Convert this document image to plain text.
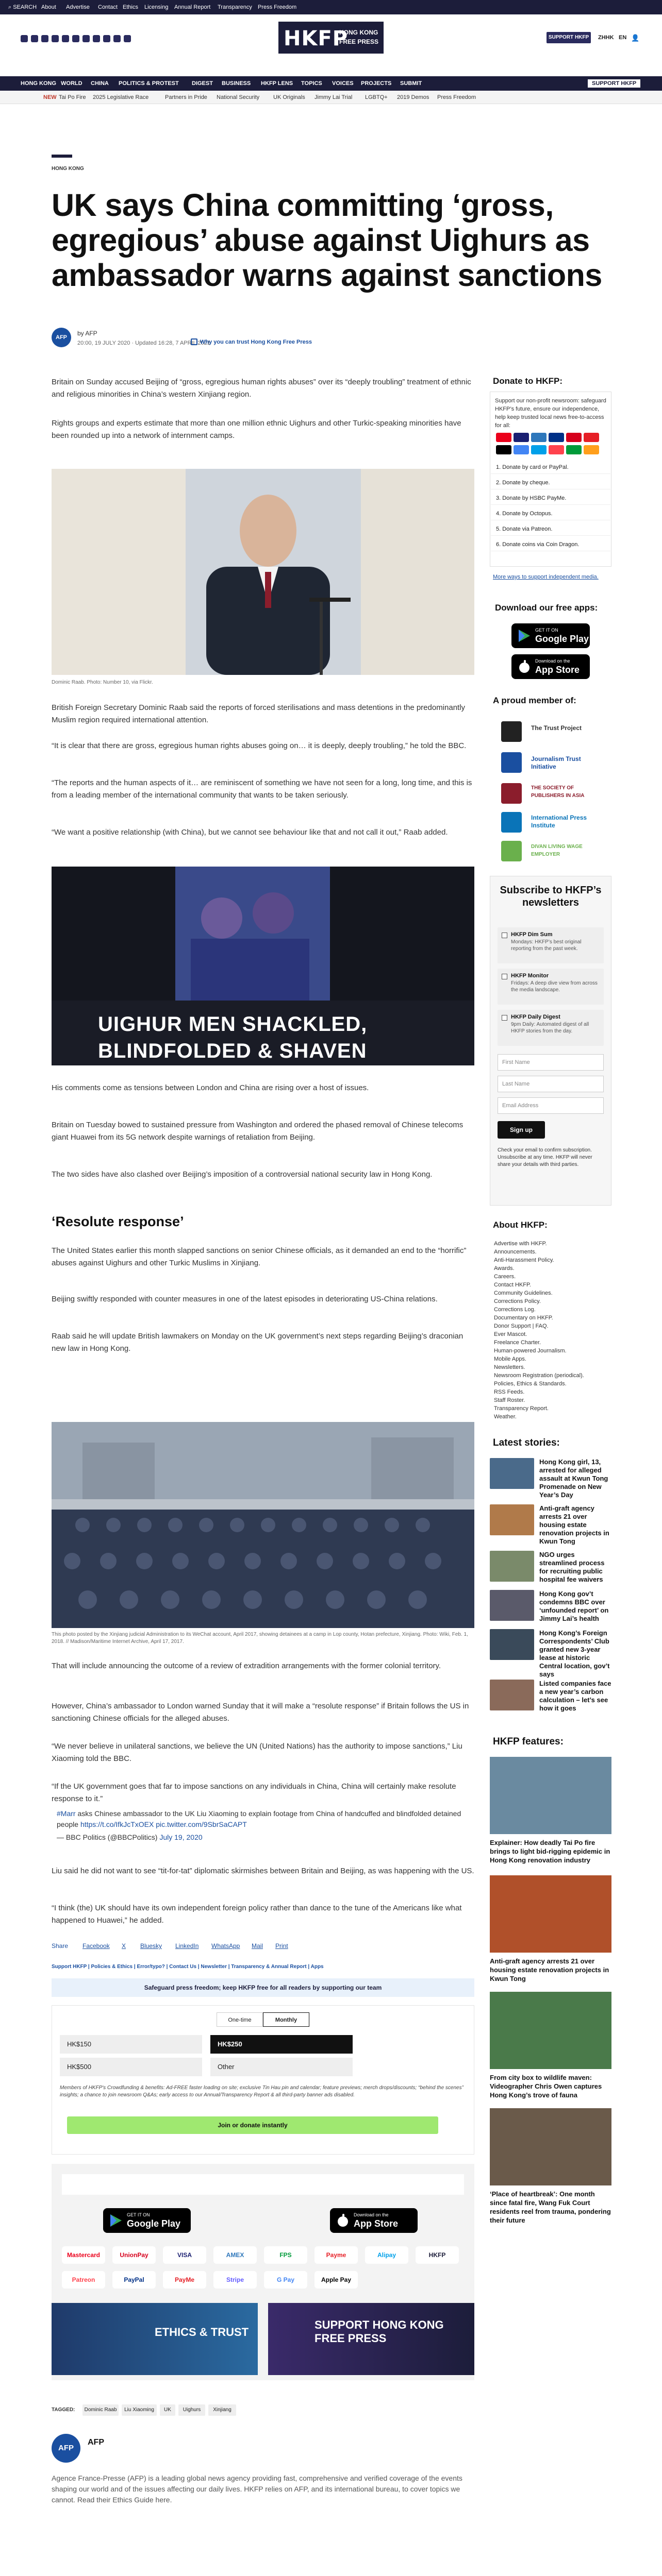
⌕ SEARCH About Advertise Contact Ethics Licensing Annual Report Transparency Press Freedom
HKFP
HONG KONG
FREE PRESS
SUPPORT HKFP	ZHHK EN 👤
HONG KONG WORLD CHINA POLITICS & PROTEST DIGEST BUSINESS HKFP LENS TOPICS VOICES PROJECTS SUBMIT	SUPPORT HKFP
NEW Tai Po Fire 2025 Legislative Race	Partners in Pride National Security UK Originals Jimmy Lai Trial LGBTQ+ 2019 Demos Press Freedom
HONG KONG
UK says China committing ‘gross, egregious’ abuse against Uighurs as ambassador warns against sanctions
AFP
by AFP
20:00, 19 JULY 2020 · Updated 16:28, 7 APRIL 2021
Why you can trust Hong Kong Free Press

Britain on Sunday accused Beijing of “gross, egregious human rights abuses” over its “deeply troubling” treatment of ethnic and religious minorities in China’s western Xinjiang region.

Rights groups and experts estimate that more than one million ethnic Uighurs and other Turkic-speaking minorities have been rounded up into a network of internment camps.

Dominic Raab. Photo: Number 10, via Flickr.

British Foreign Secretary Dominic Raab said the reports of forced sterilisations and mass detentions in the predominantly Muslim region required international attention.

“It is clear that there are gross, egregious human rights abuses going on… it is deeply, deeply troubling,” he told the BBC.

“The reports and the human aspects of it… are reminiscent of something we have not seen for a long, long time, and this is from a leading member of the international community that wants to be taken seriously.

“We want a positive relationship (with China), but we cannot see behaviour like that and not call it out,” Raab added.

UIGHUR MEN SHACKLED,
BLINDFOLDED & SHAVEN

His comments come as tensions between London and China are rising over a host of issues.

Britain on Tuesday bowed to sustained pressure from Washington and ordered the phased removal of Chinese telecoms giant Huawei from its 5G network despite warnings of retaliation from Beijing.

The two sides have also clashed over Beijing’s imposition of a controversial national security law in Hong Kong.

‘Resolute response’

The United States earlier this month slapped sanctions on senior Chinese officials, as it demanded an end to the “horrific” abuses against Uighurs and other Turkic Muslims in Xinjiang.

Beijing swiftly responded with counter measures in one of the latest episodes in deteriorating US-China relations.

Raab said he will update British lawmakers on Monday on the UK government’s next steps regarding Beijing’s draconian new law in Hong Kong.

This photo posted by the Xinjiang judicial Administration to its WeChat account, April 2017, showing detainees at a camp in Lop county, Hotan prefecture, Xinjiang. Photo: Wiki, Feb. 1, 2018. // Madison/Maritime Internet Archive, April 17, 2017.

That will include announcing the outcome of a review of extradition arrangements with the former colonial territory.

However, China’s ambassador to London warned Sunday that it will make a “resolute response” if Britain follows the US in sanctioning Chinese officials for the alleged abuses.

“We never believe in unilateral sanctions, we believe the UN (United Nations) has the authority to impose sanctions,” Liu Xiaoming told the BBC.

Donate to HKFP:
Support our non-profit newsroom: safeguard HKFP’s future, ensure our independence, help keep trusted local news free-to-access for all:
1. Donate by card or PayPal.
2. Donate by cheque.
3. Donate by HSBC PayMe.
4. Donate by Octopus.
5. Donate via Patreon.
6. Donate coins via Coin Dragon.
More ways to support independent media.
Download our free apps:
GET IT ON
Google Play
Download on the
App Store
A proud member of:
The Trust Project
Journalism Trust Initiative
THE SOCIETY OF PUBLISHERS IN ASIA
International Press Institute
DIVAN LIVING WAGE EMPLOYER
Subscribe to HKFP’s newsletters
HKFP Dim Sum
Mondays: HKFP’s best original reporting from the past week.
HKFP Monitor
Fridays: A deep dive view from across the media landscape.
HKFP Daily Digest
9pm Daily: Automated digest of all HKFP stories from the day.
First Name
Last Name
Email Address
Sign up
Check your email to confirm subscription. Unsubscribe at any time. HKFP will never share your details with third parties.
About HKFP:
Advertise with HKFP.
Announcements.
Anti-Harassment Policy.
Awards.
Careers.
Contact HKFP.
Community Guidelines.
Corrections Policy.
Corrections Log.
Documentary on HKFP.
Donor Support | FAQ.
Ever Mascot.
Freelance Charter.
Human-powered Journalism.
Mobile Apps.
Newsletters.
Newsroom Registration (periodical).
Policies, Ethics & Standards.
RSS Feeds.
Staff Roster.
Transparency Report.
Weather.
Latest stories:
Hong Kong girl, 13, arrested for alleged assault at Kwun Tong Promenade on New Year’s Day
Anti-graft agency arrests 21 over housing estate renovation projects in Kwun Tong
NGO urges streamlined process for recruiting public hospital fee waivers
Hong Kong gov’t condemns BBC over ‘unfounded report’ on Jimmy Lai’s health
Hong Kong’s Foreign Correspondents’ Club granted new 3-year lease at historic Central location, gov’t says
Listed companies face a new year’s carbon calculation – let’s see how it goes
HKFP features:
Explainer: How deadly Tai Po fire brings to light bid-rigging epidemic in Hong Kong renovation industry
Anti-graft agency arrests 21 over housing estate renovation projects in Kwun Tong
From city box to wildlife maven: Videographer Chris Owen captures Hong Kong’s trove of fauna
‘Place of heartbreak’: One month since fatal fire, Wang Fuk Court residents reel from trauma, pondering their future

“If the UK government goes that far to impose sanctions on any individuals in China, China will certainly make resolute response to it.”

#Marr asks Chinese ambassador to the UK Liu Xiaoming to explain footage from China of handcuffed and blindfolded detained people https://t.co/IfkJcTxOEX pic.twitter.com/9SbrSaCAPT
— BBC Politics (@BBCPolitics) July 19, 2020

Liu said he did not want to see “tit-for-tat” diplomatic skirmishes between Britain and Beijing, as was happening with the US.

“I think (the) UK should have its own independent foreign policy rather than dance to the tune of the Americans like what happened to Huawei,” he added.

Share Facebook X Bluesky LinkedIn WhatsApp Mail Print
Support HKFP | Policies & Ethics | Error/typo? | Contact Us | Newsletter | Transparency & Annual Report | Apps
Safeguard press freedom; keep HKFP free for all readers by supporting our team
One-time	Monthly
HK$150	HK$250
HK$500	Other
Members of HKFP's Crowdfunding & benefits: Ad-FREE faster loading on site; exclusive Tin Hau pin and calendar; feature previews; merch drops/discounts; “behind the scenes” insights; a chance to join newsroom Q&As; early access to our Annual/Transparency Report & all third-party banner ads disabled.
Join or donate instantly
GET IT ON
Google Play
Download on the
App Store
Mastercard	UnionPay	VISA	AMEX	FPS	Payme	Alipay	HKFP
Patreon	PayPal	PayMe	Stripe	G Pay	Apple Pay
ETHICS & TRUST
SUPPORT HONG KONG FREE PRESS
TAGGED:	Dominic Raab	Liu Xiaoming	UK	Uighurs	Xinjiang
AFP
AFP
Agence France-Presse (AFP) is a leading global news agency providing fast, comprehensive and verified coverage of the events shaping our world and of the issues affecting our daily lives. HKFP relies on AFP, and its international bureau, to cover topics we cannot. Read their Ethics Guide here.
